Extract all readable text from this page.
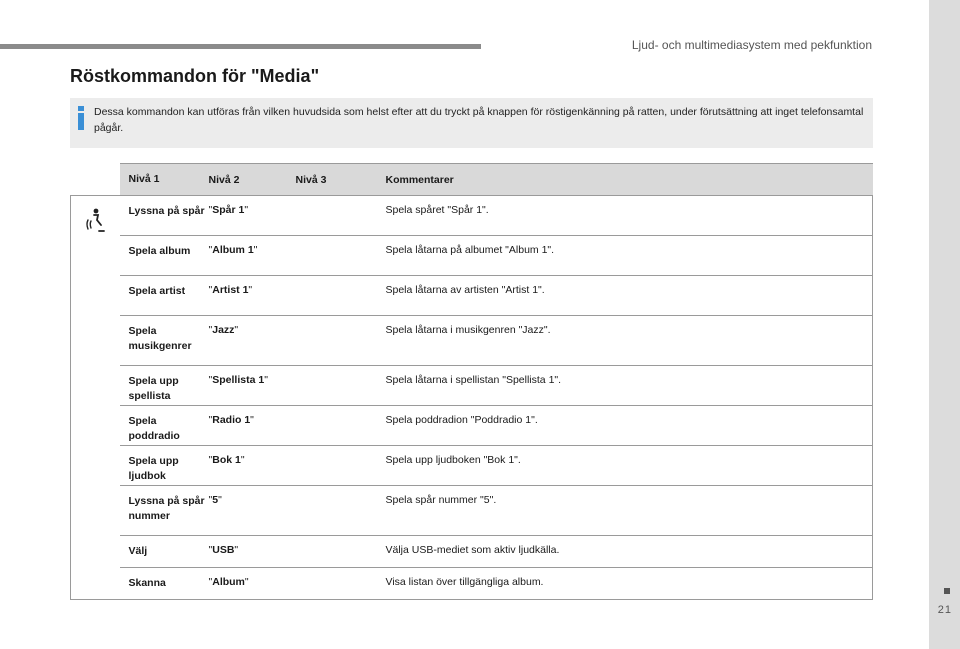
Ljud- och multimediasystem med pekfunktion
21
Röstkommandon för "Media"

Dessa kommandon kan utföras från vilken huvudsida som helst efter att du tryckt på knappen för röstigenkänning på ratten, under förutsättning att inget telefonsamtal pågår.

	Nivå 1	Nivå 2	Nivå 3	Kommentarer

	Lyssna på spår	"Spår 1"		Spela spåret "Spår 1".
	Spela album	"Album 1"		Spela låtarna på albumet "Album 1".
	Spela artist	"Artist 1"		Spela låtarna av artisten "Artist 1".
	Spela musikgenrer	"Jazz"		Spela låtarna i musikgenren "Jazz".
	Spela upp spellista	"Spellista 1"		Spela låtarna i spellistan "Spellista 1".
	Spela poddradio	"Radio 1"		Spela poddradion "Poddradio 1".
	Spela upp ljudbok	"Bok 1"		Spela upp ljudboken "Bok 1".
	Lyssna på spår nummer	"5"		Spela spår nummer "5".
	Välj	"USB"		Välja USB-mediet som aktiv ljudkälla.
	Skanna	"Album"		Visa listan över tillgängliga album.
